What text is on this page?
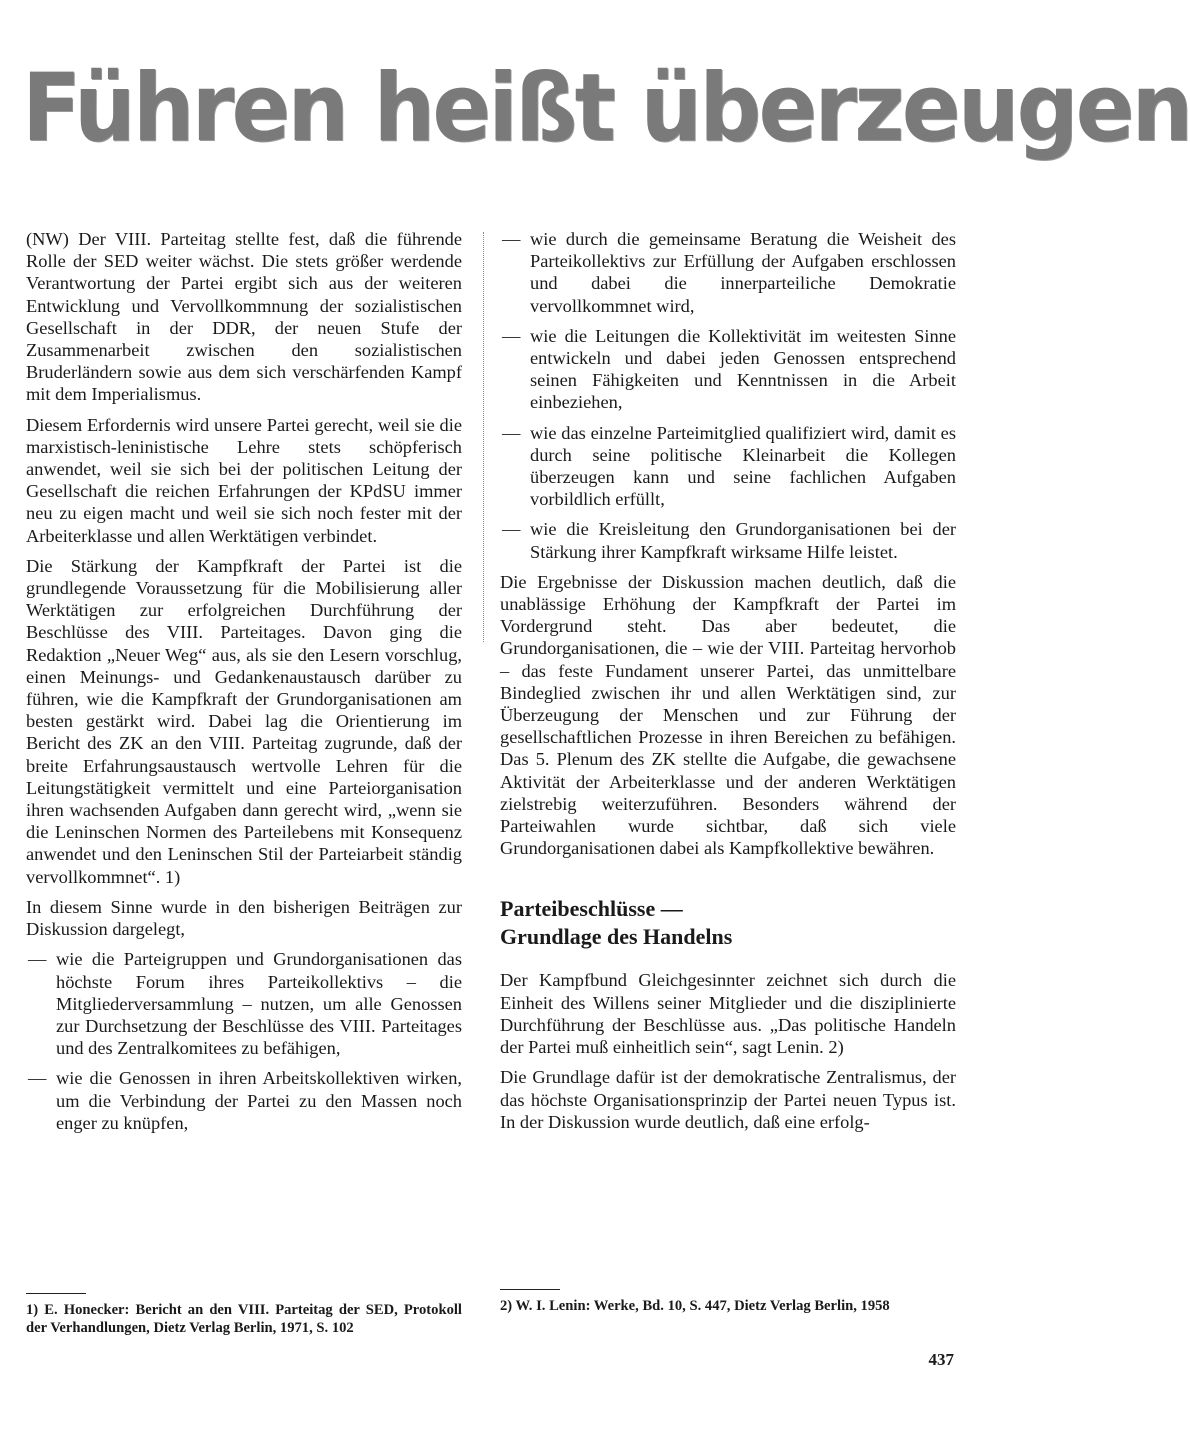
Führen heißt überzeugen

(NW) Der VIII. Parteitag stellte fest, daß die führende Rolle der SED weiter wächst. Die stets größer werdende Verantwortung der Partei ergibt sich aus der weiteren Entwicklung und Vervollkommnung der sozialistischen Gesellschaft in der DDR, der neuen Stufe der Zusammenarbeit zwischen den sozialistischen Bruderländern sowie aus dem sich verschärfenden Kampf mit dem Imperialismus.

Diesem Erfordernis wird unsere Partei gerecht, weil sie die marxistisch-leninistische Lehre stets schöpferisch anwendet, weil sie sich bei der politischen Leitung der Gesellschaft die reichen Erfahrungen der KPdSU immer neu zu eigen macht und weil sie sich noch fester mit der Arbeiterklasse und allen Werktätigen verbindet.

Die Stärkung der Kampfkraft der Partei ist die grundlegende Voraussetzung für die Mobilisierung aller Werktätigen zur erfolgreichen Durchführung der Beschlüsse des VIII. Parteitages. Davon ging die Redaktion „Neuer Weg“ aus, als sie den Lesern vorschlug, einen Meinungs- und Gedankenaustausch darüber zu führen, wie die Kampfkraft der Grundorganisationen am besten gestärkt wird. Dabei lag die Orientierung im Bericht des ZK an den VIII. Parteitag zugrunde, daß der breite Erfahrungsaustausch wertvolle Lehren für die Leitungstätigkeit vermittelt und eine Parteiorganisation ihren wachsenden Aufgaben dann gerecht wird, „wenn sie die Leninschen Normen des Parteilebens mit Konsequenz anwendet und den Leninschen Stil der Parteiarbeit ständig vervollkommnet“. 1)

In diesem Sinne wurde in den bisherigen Beiträgen zur Diskussion dargelegt,

— wie die Parteigruppen und Grundorganisationen das höchste Forum ihres Parteikollektivs – die Mitgliederversammlung – nutzen, um alle Genossen zur Durchsetzung der Beschlüsse des VIII. Parteitages und des Zentralkomitees zu befähigen,
— wie die Genossen in ihren Arbeitskollektiven wirken, um die Verbindung der Partei zu den Massen noch enger zu knüpfen,
— wie durch die gemeinsame Beratung die Weisheit des Parteikollektivs zur Erfüllung der Aufgaben erschlossen und dabei die innerparteiliche Demokratie vervollkommnet wird,
— wie die Leitungen die Kollektivität im weitesten Sinne entwickeln und dabei jeden Genossen entsprechend seinen Fähigkeiten und Kenntnissen in die Arbeit einbeziehen,
— wie das einzelne Parteimitglied qualifiziert wird, damit es durch seine politische Kleinarbeit die Kollegen überzeugen kann und seine fachlichen Aufgaben vorbildlich erfüllt,
— wie die Kreisleitung den Grundorganisationen bei der Stärkung ihrer Kampfkraft wirksame Hilfe leistet.

Die Ergebnisse der Diskussion machen deutlich, daß die unablässige Erhöhung der Kampfkraft der Partei im Vordergrund steht. Das aber bedeutet, die Grundorganisationen, die – wie der VIII. Parteitag hervorhob – das feste Fundament unserer Partei, das unmittelbare Bindeglied zwischen ihr und allen Werktätigen sind, zur Überzeugung der Menschen und zur Führung der gesellschaftlichen Prozesse in ihren Bereichen zu befähigen. Das 5. Plenum des ZK stellte die Aufgabe, die gewachsene Aktivität der Arbeiterklasse und der anderen Werktätigen zielstrebig weiterzuführen. Besonders während der Parteiwahlen wurde sichtbar, daß sich viele Grundorganisationen dabei als Kampfkollektive bewähren.

Parteibeschlüsse —
Grundlage des Handelns

Der Kampfbund Gleichgesinnter zeichnet sich durch die Einheit des Willens seiner Mitglieder und die disziplinierte Durchführung der Beschlüsse aus. „Das politische Handeln der Partei muß einheitlich sein“, sagt Lenin. 2)

Die Grundlage dafür ist der demokratische Zentralismus, der das höchste Organisationsprinzip der Partei neuen Typus ist. In der Diskussion wurde deutlich, daß eine erfolg-

1) E. Honecker: Bericht an den VIII. Parteitag der SED, Protokoll der Verhandlungen, Dietz Verlag Berlin, 1971, S. 102
2) W. I. Lenin: Werke, Bd. 10, S. 447, Dietz Verlag Berlin, 1958
437
